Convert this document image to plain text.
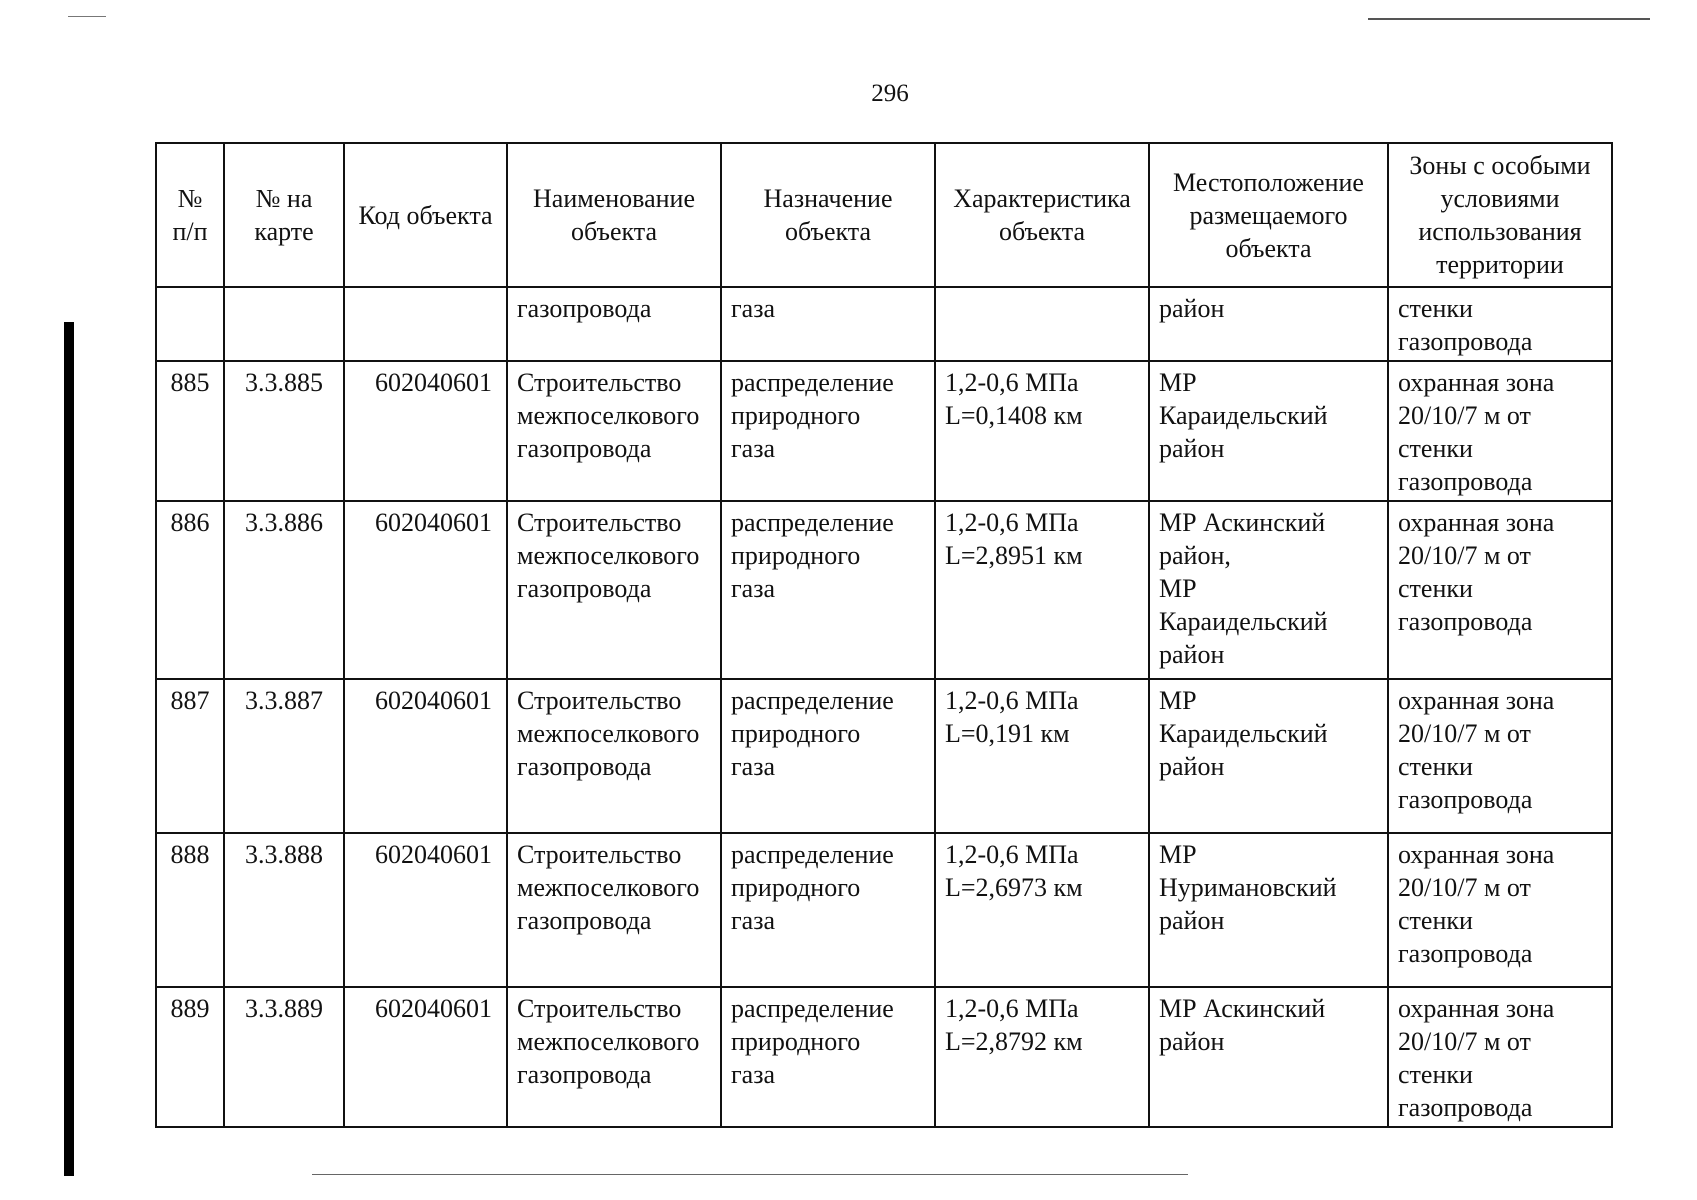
296
№
п/п	№ на
карте	Код объекта	Наименование
объекта	Назначение
объекта	Характеристика
объекта	Местоположение
размещаемого
объекта	Зоны с особыми
условиями
использования
территории
			газопровода	газа		район	стенки
газопровода
885	3.3.885	602040601	Строительство
межпоселкового
газопровода	распределение
природного
газа	1,2-0,6 МПа
L=0,1408 км	МР
Караидельский
район	охранная зона
20/10/7 м от
стенки
газопровода
886	3.3.886	602040601	Строительство
межпоселкового
газопровода	распределение
природного
газа	1,2-0,6 МПа
L=2,8951 км	МР Аскинский
район,
МР
Караидельский
район	охранная зона
20/10/7 м от
стенки
газопровода
887	3.3.887	602040601	Строительство
межпоселкового
газопровода	распределение
природного
газа	1,2-0,6 МПа
L=0,191 км	МР
Караидельский
район	охранная зона
20/10/7 м от
стенки
газопровода
888	3.3.888	602040601	Строительство
межпоселкового
газопровода	распределение
природного
газа	1,2-0,6 МПа
L=2,6973 км	МР
Нуримановский
район	охранная зона
20/10/7 м от
стенки
газопровода
889	3.3.889	602040601	Строительство
межпоселкового
газопровода	распределение
природного
газа	1,2-0,6 МПа
L=2,8792 км	МР Аскинский
район	охранная зона
20/10/7 м от
стенки
газопровода
